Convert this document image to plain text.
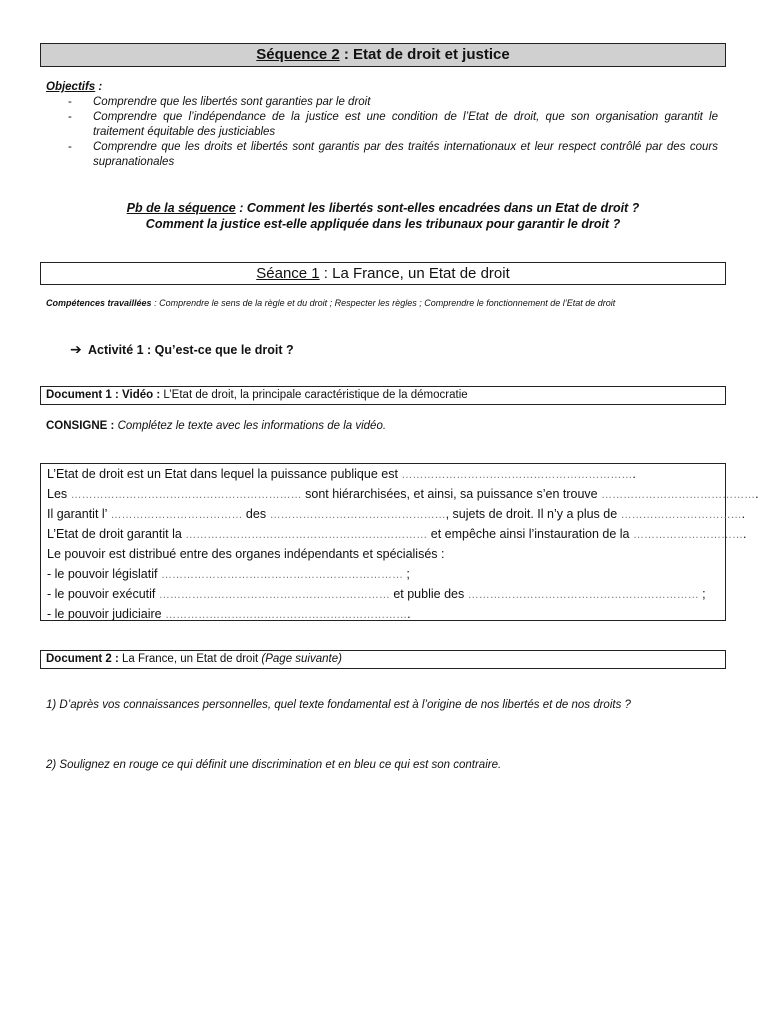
Séquence 2 : Etat de droit et justice
Objectifs :
- Comprendre que les libertés sont garanties par le droit
- Comprendre que l’indépendance de la justice est une condition de l’Etat de droit, que son organisation garantit le traitement équitable des justiciables
- Comprendre que les droits et libertés sont garantis par des traités internationaux et leur respect contrôlé par des cours supranationales
Pb de la séquence : Comment les libertés sont-elles encadrées dans un Etat de droit ?
Comment la justice est-elle appliquée dans les tribunaux pour garantir le droit ?
Séance 1 : La France, un Etat de droit
Compétences travaillées : Comprendre le sens de la règle et du droit ; Respecter les règles ; Comprendre le fonctionnement de l’Etat de droit
➔ Activité 1 : Qu’est-ce que le droit ?
Document 1 : Vidéo : L’Etat de droit, la principale caractéristique de la démocratie
CONSIGNE : Complétez le texte avec les informations de la vidéo.
L’Etat de droit est un Etat dans lequel la puissance publique est ……………………………………………………….
Les ……………………………………………………… sont hiérarchisées, et ainsi, sa puissance s’en trouve …………………………………….
Il garantit l’ ……………………………… des …………………………………………, sujets de droit. Il n’y a plus de …………………………….
L’Etat de droit garantit la ………………………………………………………… et empêche ainsi l’instauration de la ………………………….
Le pouvoir est distribué entre des organes indépendants et spécialisés :
- le pouvoir législatif ………………………………………………………… ;
- le pouvoir exécutif ……………………………………………………… et publie des ……………………………………………………… ;
- le pouvoir judiciaire ………………………………………………………….
Document 2 : La France, un Etat de droit (Page suivante)
1) D’après vos connaissances personnelles, quel texte fondamental est à l’origine de nos libertés et de nos droits ?
2) Soulignez en rouge ce qui définit une discrimination et en bleu ce qui est son contraire.
